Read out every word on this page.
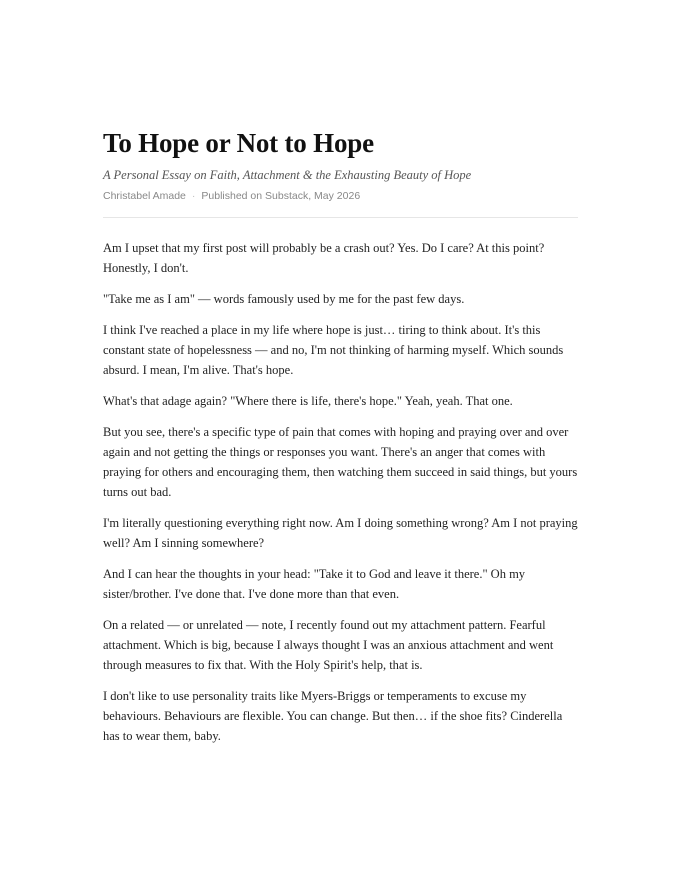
To Hope or Not to Hope
A Personal Essay on Faith, Attachment & the Exhausting Beauty of Hope
Christabel Amade · Published on Substack, May 2026

Am I upset that my first post will probably be a crash out? Yes. Do I care? At this point? Honestly, I don't.

"Take me as I am" — words famously used by me for the past few days.

I think I've reached a place in my life where hope is just… tiring to think about. It's this constant state of hopelessness — and no, I'm not thinking of harming myself. Which sounds absurd. I mean, I'm alive. That's hope.

What's that adage again? "Where there is life, there's hope." Yeah, yeah. That one.

But you see, there's a specific type of pain that comes with hoping and praying over and over again and not getting the things or responses you want. There's an anger that comes with praying for others and encouraging them, then watching them succeed in said things, but yours turns out bad.

I'm literally questioning everything right now. Am I doing something wrong? Am I not praying well? Am I sinning somewhere?

And I can hear the thoughts in your head: "Take it to God and leave it there." Oh my sister/brother. I've done that. I've done more than that even.

On a related — or unrelated — note, I recently found out my attachment pattern. Fearful attachment. Which is big, because I always thought I was an anxious attachment and went through measures to fix that. With the Holy Spirit's help, that is.

I don't like to use personality traits like Myers-Briggs or temperaments to excuse my behaviours. Behaviours are flexible. You can change. But then… if the shoe fits? Cinderella has to wear them, baby.
